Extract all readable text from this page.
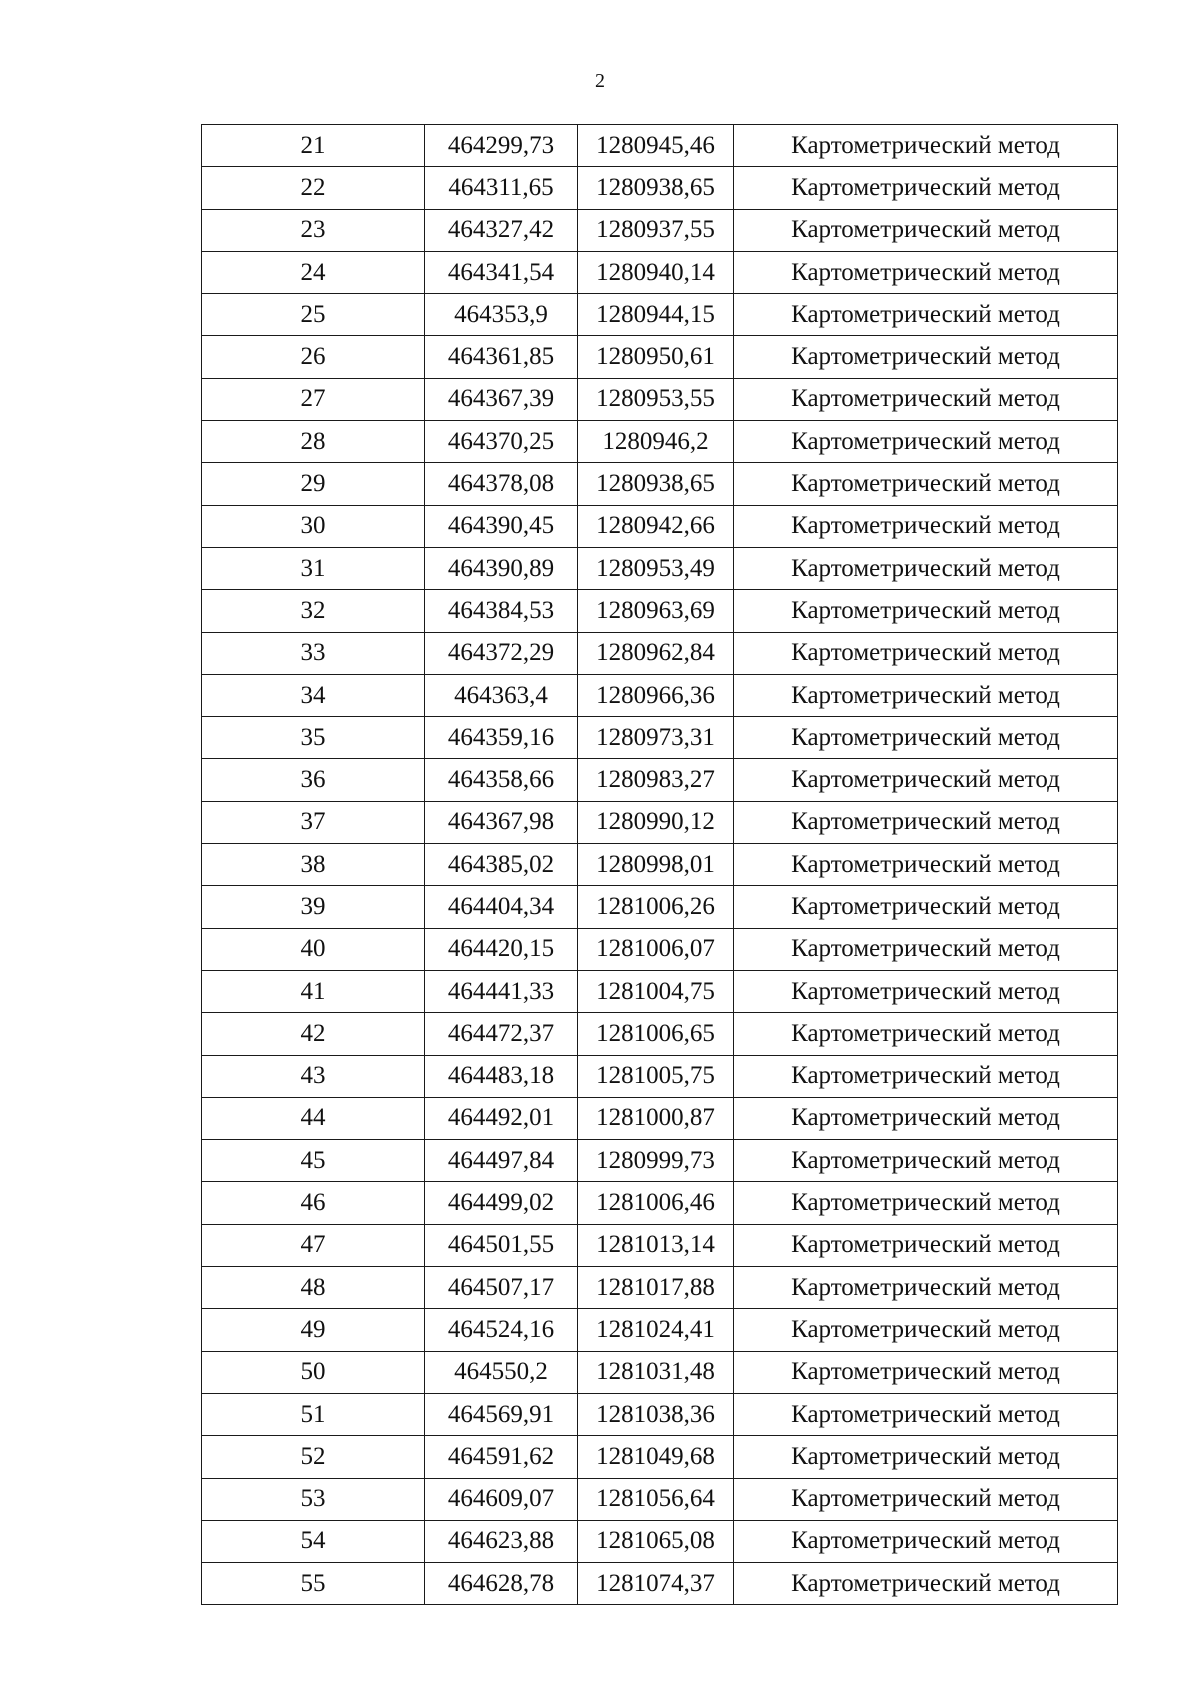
2
21	464299,73	1280945,46	Картометрический метод
22	464311,65	1280938,65	Картометрический метод
23	464327,42	1280937,55	Картометрический метод
24	464341,54	1280940,14	Картометрический метод
25	464353,9	1280944,15	Картометрический метод
26	464361,85	1280950,61	Картометрический метод
27	464367,39	1280953,55	Картометрический метод
28	464370,25	1280946,2	Картометрический метод
29	464378,08	1280938,65	Картометрический метод
30	464390,45	1280942,66	Картометрический метод
31	464390,89	1280953,49	Картометрический метод
32	464384,53	1280963,69	Картометрический метод
33	464372,29	1280962,84	Картометрический метод
34	464363,4	1280966,36	Картометрический метод
35	464359,16	1280973,31	Картометрический метод
36	464358,66	1280983,27	Картометрический метод
37	464367,98	1280990,12	Картометрический метод
38	464385,02	1280998,01	Картометрический метод
39	464404,34	1281006,26	Картометрический метод
40	464420,15	1281006,07	Картометрический метод
41	464441,33	1281004,75	Картометрический метод
42	464472,37	1281006,65	Картометрический метод
43	464483,18	1281005,75	Картометрический метод
44	464492,01	1281000,87	Картометрический метод
45	464497,84	1280999,73	Картометрический метод
46	464499,02	1281006,46	Картометрический метод
47	464501,55	1281013,14	Картометрический метод
48	464507,17	1281017,88	Картометрический метод
49	464524,16	1281024,41	Картометрический метод
50	464550,2	1281031,48	Картометрический метод
51	464569,91	1281038,36	Картометрический метод
52	464591,62	1281049,68	Картометрический метод
53	464609,07	1281056,64	Картометрический метод
54	464623,88	1281065,08	Картометрический метод
55	464628,78	1281074,37	Картометрический метод
